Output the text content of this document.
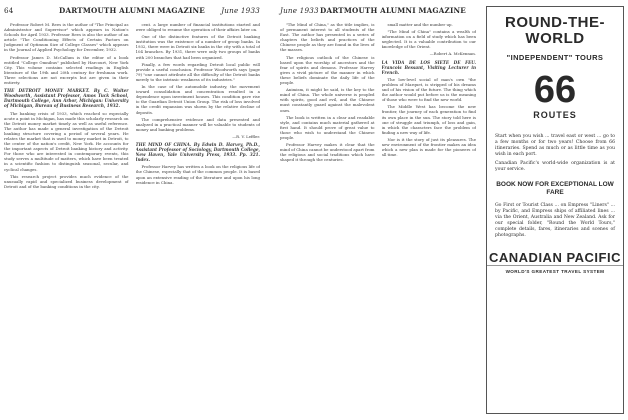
64	DARTMOUTH ALUMNI MAGAZINE	June 1933

Professor Robert M. Rees is the author of "The Principal as Administrator and Supervisor" which appears in Nation's Schools for April 1933. Professor Rees is also the author of an article "The Conditioning Effects of Certain Factors on Judgment of Optimum Size of College Classes" which appears in the Journal of Applied Psychology for December, 1932.

Professor James D. McCallum is the editor of a book entitled "College Omnibus" published by Harcourt, New York City. This volume contains selected readings in English literature of the 19th and 20th century for freshman work. Three selections are not excerpts but are given in their entirety.

THE DETROIT MONEY MARKET. By C. Walter Woodworth, Assistant Professor, Amos Tuck School, Dartmouth College, Ann Arbor, Michigan: University of Michigan, Bureau of Business Research, 1932.

The banking crisis of 1933, which reached so especially acute a point in Michigan, has made this scholarly research on the Detroit money market timely as well as useful reference. The author has made a general investigation of the Detroit banking structure covering a period of several years. He relates the market that is used to money market in Detroit, to the center of the nation's credit, New York. He accounts for the important aspects of Detroit banking history and activity. For those who are interested in contemporary events, this study serves a multitude of matters, which have been treated in a scientific fashion to distinguish seasonal, secular, and cyclical changes.

This research project provides much evidence of the unusually rapid and specialized business development of Detroit and of the banking conditions in the city.

cent. a large number of financial institutions started and were obliged to resume the operation of their affairs later on.

One of the distinctive features of the Detroit banking institution was the existence of a number of group banks. In 1932, there were in Detroit six banks in the city with a total of 104 branches. By 1931, there were only two groups of banks with 200 branches that had been organized.

Finally, a few words regarding Detroit local public will provide a useful conclusion. Professor Woodworth says (page 79) "one cannot attribute all the difficulty of the Detroit banks merely to the intrinsic weakness of its industries."

In the case of the automobile industry, the movement toward consolidation and concentration resulted in a dependence upon investment houses. This condition gave rise to the Guardian Detroit Union Group. The risk of loss involved in the credit expansion was shown by the relative decline of deposits.

The comprehensive evidence and data presented and analyzed in a practical manner will be valuable to students of money and banking problems.

—R. V. Leffler.

THE MIND OF CHINA. By Edwin D. Harvey, Ph.D., Assistant Professor of Sociology, Dartmouth College, New Haven, Yale University Press, 1933. Pp. 321. Index.

Professor Harvey has written a book on the religious life of the Chinese, especially that of the common people. It is based upon an extensive reading of the literature and upon his long residence in China.

June 1933 DARTMOUTH ALUMNI MAGAZINE

"The Mind of China," as the title implies, is of permanent interest to all students of the East. The author has presented in a series of chapters the beliefs and practices of the Chinese people as they are found in the lives of the masses.

The religious outlook of the Chinese is based upon the worship of ancestors and the fear of spirits and demons. Professor Harvey gives a vivid picture of the manner in which these beliefs dominate the daily life of the people.

Animism, it might be said, is the key to the mind of China. The whole universe is peopled with spirits, good and evil, and the Chinese must constantly guard against the malevolent ones.

The book is written in a clear and readable style, and contains much material gathered at first hand. It should prove of great value to those who wish to understand the Chinese people.

Professor Harvey makes it clear that the mind of China cannot be understood apart from the religious and social traditions which have shaped it through the centuries.

small matter and the number up.

"The Mind of China" contains a wealth of information on a field of study which has been neglected. It is a valuable contribution to our knowledge of the Orient.

—Robert A. McKennan.

LA VIDA DE LOS SIETE DE FEU. Francois Bessant, Visiting Lecturer in French.

The low-level social of man's own "the problem of Marquet, is stripped of his dreams and of his vision of the future. The thing which the author would put before us is the meaning of those who were to find the new world.

The Middle West has become the new frontier, the journey of each generation to find its own place in the sun. The story told here is one of struggle and triumph, of loss and gain, in which the characters face the problem of finding a new way of life.

Nor is it the story of just its pleasures. The new environment of the frontier makes an idea which a new plan is made for the pioneers of all time.

ROUND-THE-WORLD
"INDEPENDENT" TOURS
66
ROUTES

Start when you wish ... travel east or west ... go to a few months or for two years! Choose from 66 itineraries. Spend as much or as little time as you wish in each port.

Canadian Pacific's world-wide organization is at your service.

BOOK NOW FOR EXCEPTIONAL LOW FARE

Go First or Tourist Class ... on Empress "Liners" ... by Pacific, and Empress ships of affiliated lines ... via the Orient, Australia and New Zealand. Ask for our special folder, "Round the World Tours," complete details, fares, itineraries and scenes of photographs.

CANADIAN PACIFIC
WORLD'S GREATEST TRAVEL SYSTEM
